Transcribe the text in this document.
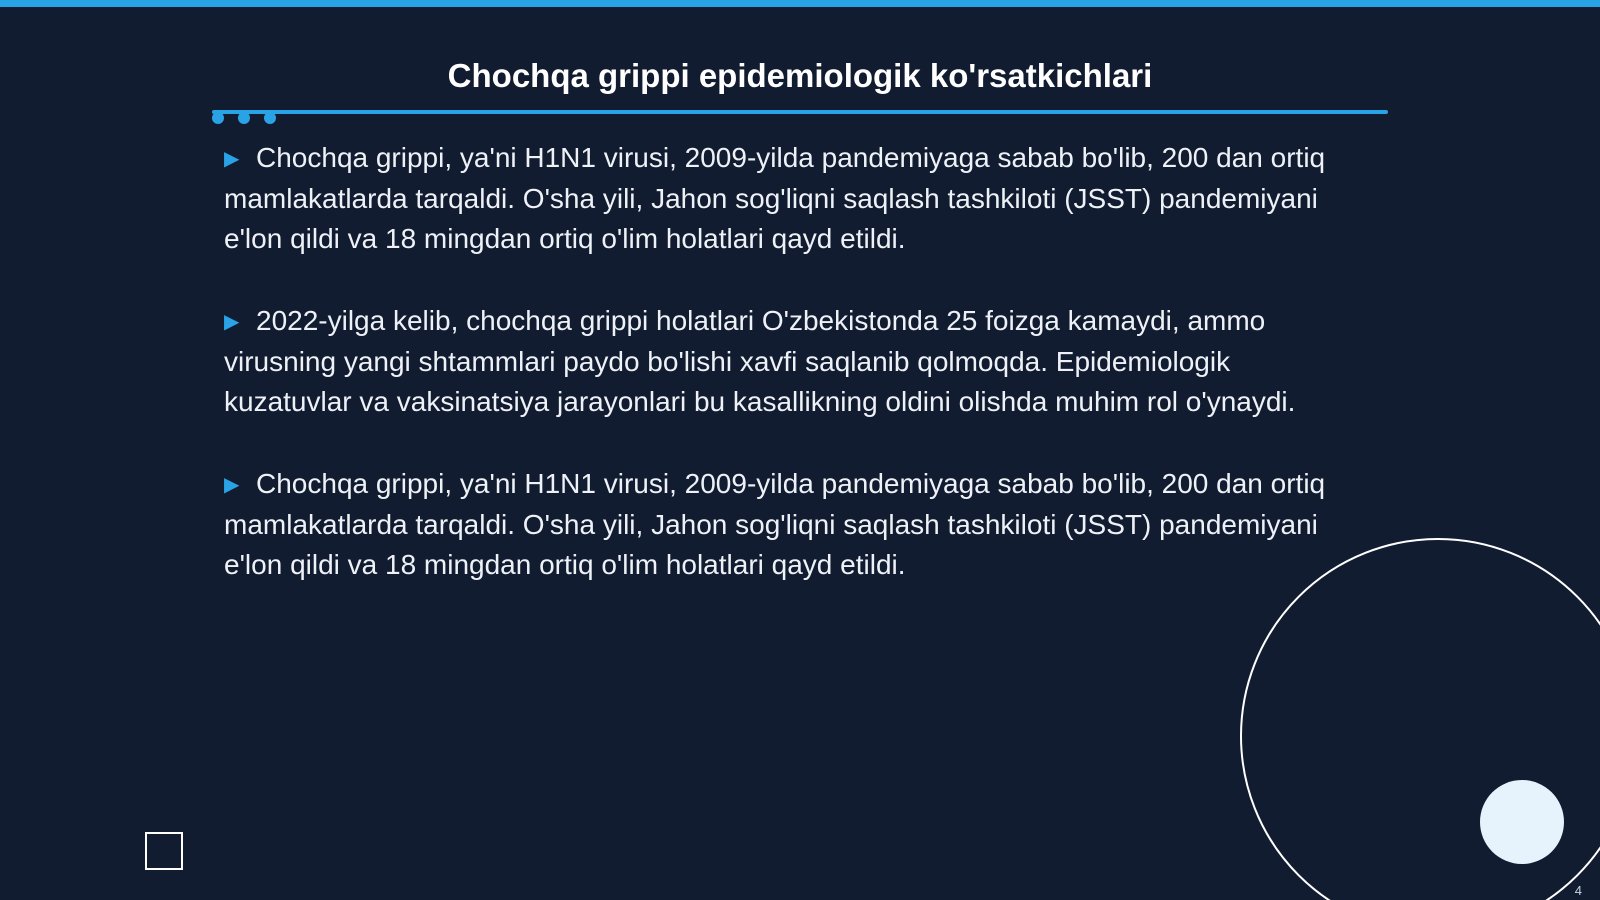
Chochqa grippi epidemiologik ko'rsatkichlari

▶ Chochqa grippi, ya'ni H1N1 virusi, 2009-yilda pandemiyaga sabab bo'lib, 200 dan ortiq mamlakatlarda tarqaldi. O'sha yili, Jahon sog'liqni saqlash tashkiloti (JSST) pandemiyani e'lon qildi va 18 mingdan ortiq o'lim holatlari qayd etildi.

▶ 2022-yilga kelib, chochqa grippi holatlari O'zbekistonda 25 foizga kamaydi, ammo virusning yangi shtammlari paydo bo'lishi xavfi saqlanib qolmoqda. Epidemiologik kuzatuvlar va vaksinatsiya jarayonlari bu kasallikning oldini olishda muhim rol o'ynaydi.

▶ Chochqa grippi, ya'ni H1N1 virusi, 2009-yilda pandemiyaga sabab bo'lib, 200 dan ortiq mamlakatlarda tarqaldi. O'sha yili, Jahon sog'liqni saqlash tashkiloti (JSST) pandemiyani e'lon qildi va 18 mingdan ortiq o'lim holatlari qayd etildi.

4
